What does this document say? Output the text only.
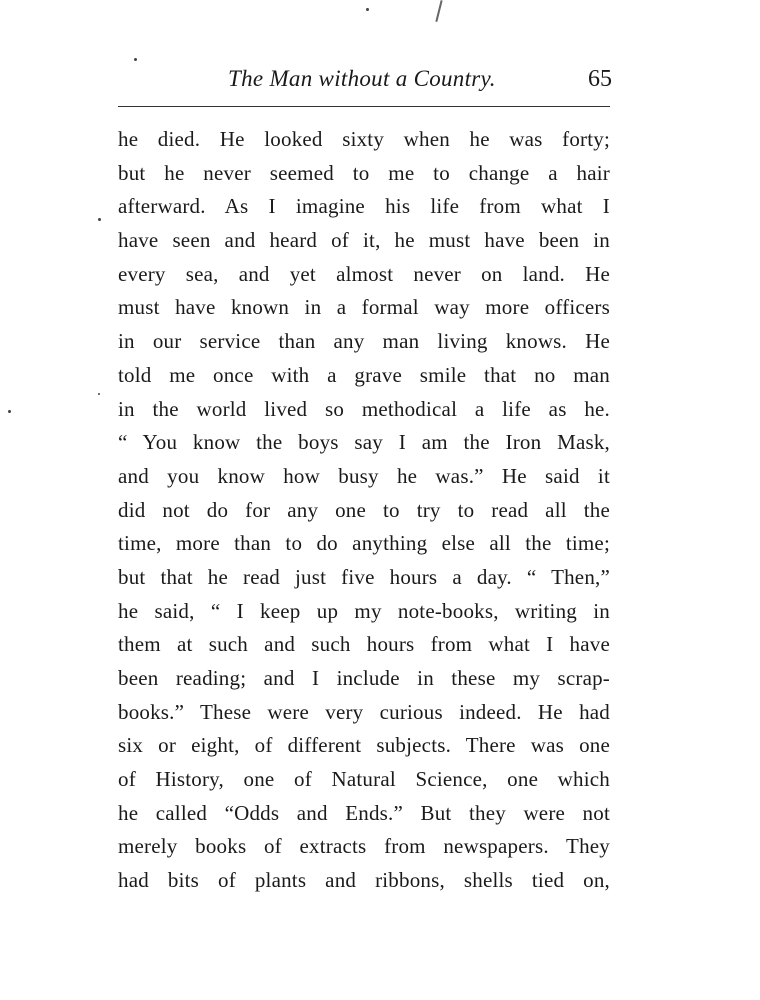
The Man without a Country.	65
he died. He looked sixty when he was forty;
but he never seemed to me to change a hair
afterward. As I imagine his life from what I
have seen and heard of it, he must have been in
every sea, and yet almost never on land. He
must have known in a formal way more officers
in our service than any man living knows. He
told me once with a grave smile that no man
in the world lived so methodical a life as he.
“ You know the boys say I am the Iron Mask,
and you know how busy he was.” He said it
did not do for any one to try to read all the
time, more than to do anything else all the time;
but that he read just five hours a day. “ Then,”
he said, “ I keep up my note-books, writing in
them at such and such hours from what I have
been reading; and I include in these my scrap-
books.” These were very curious indeed. He had
six or eight, of different subjects. There was one
of History, one of Natural Science, one which
he called “Odds and Ends.” But they were not
merely books of extracts from newspapers. They
had bits of plants and ribbons, shells tied on,
